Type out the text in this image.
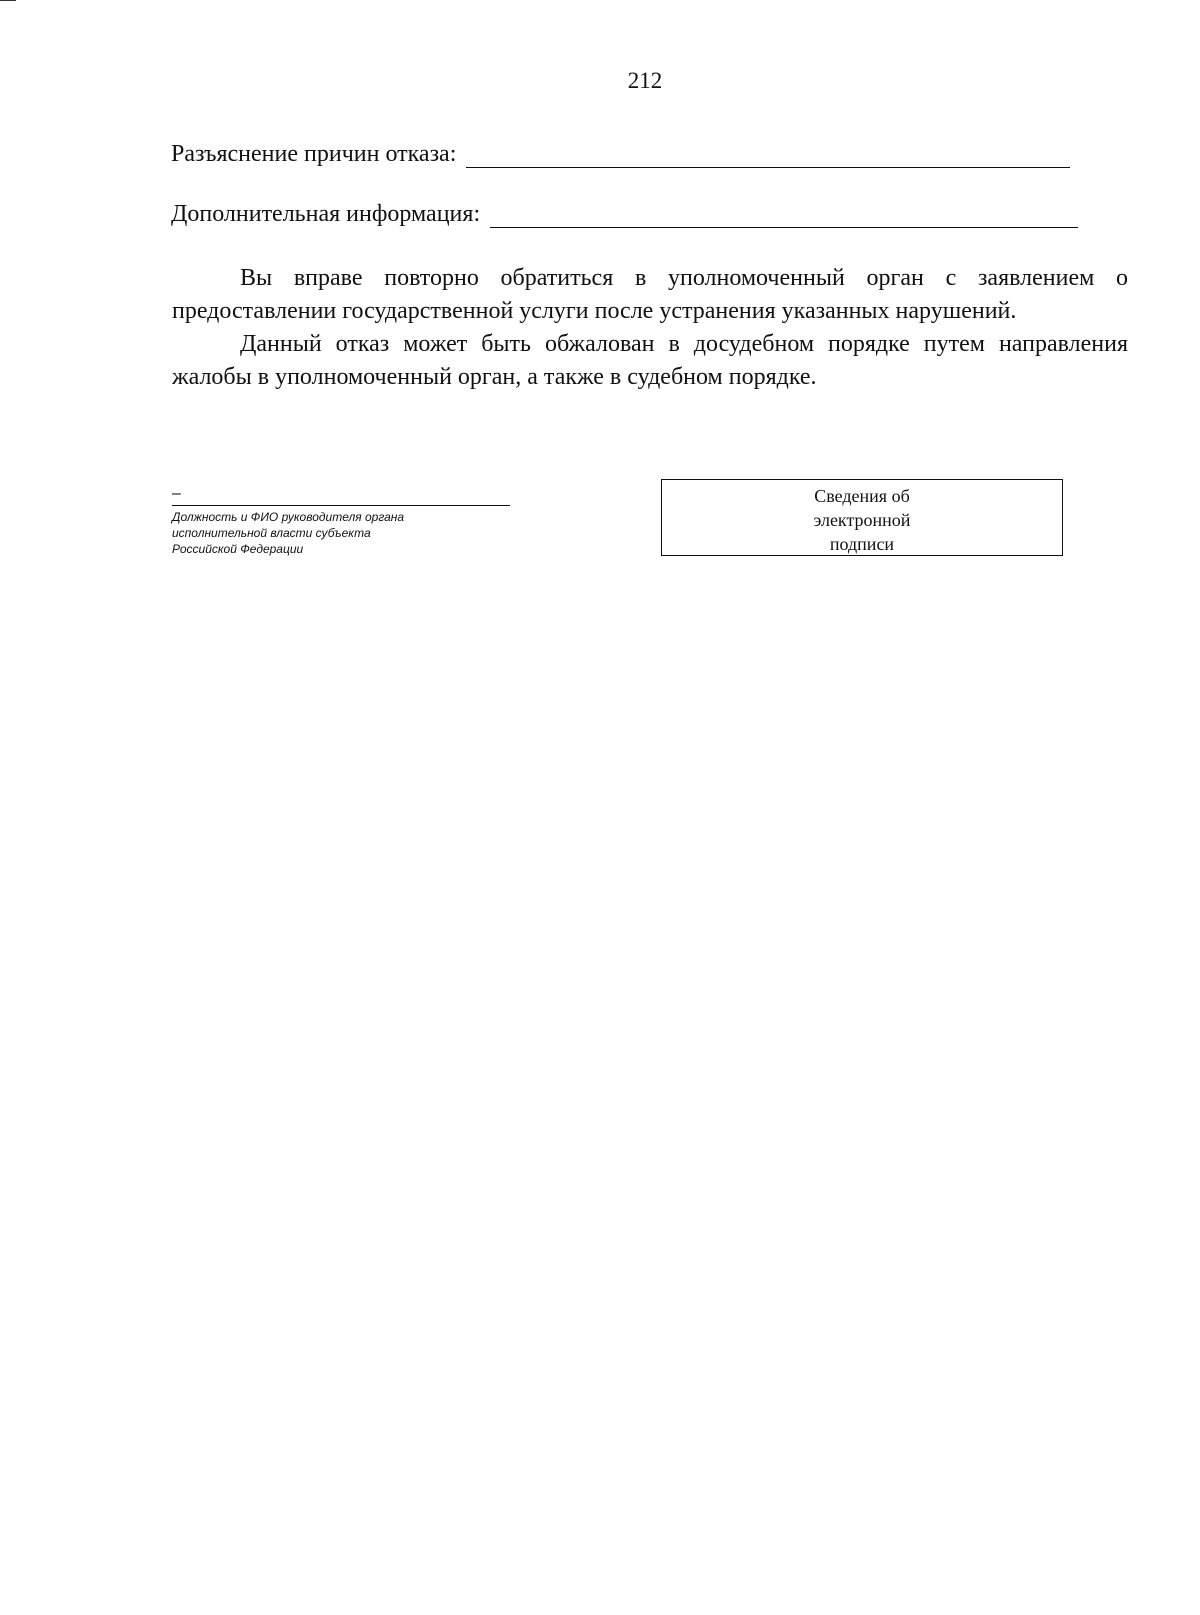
212
Разъяснение причин отказа:
Дополнительная информация:

Вы вправе повторно обратиться в уполномоченный орган с заявлением о предоставлении государственной услуги после устранения указанных нарушений.

Данный отказ может быть обжалован в досудебном порядке путем направления жалобы в уполномоченный орган, а также в судебном порядке.

–
Должность и ФИО руководителя органа
исполнительной власти субъекта
Российской Федерации
Сведения об
электронной
подписи
